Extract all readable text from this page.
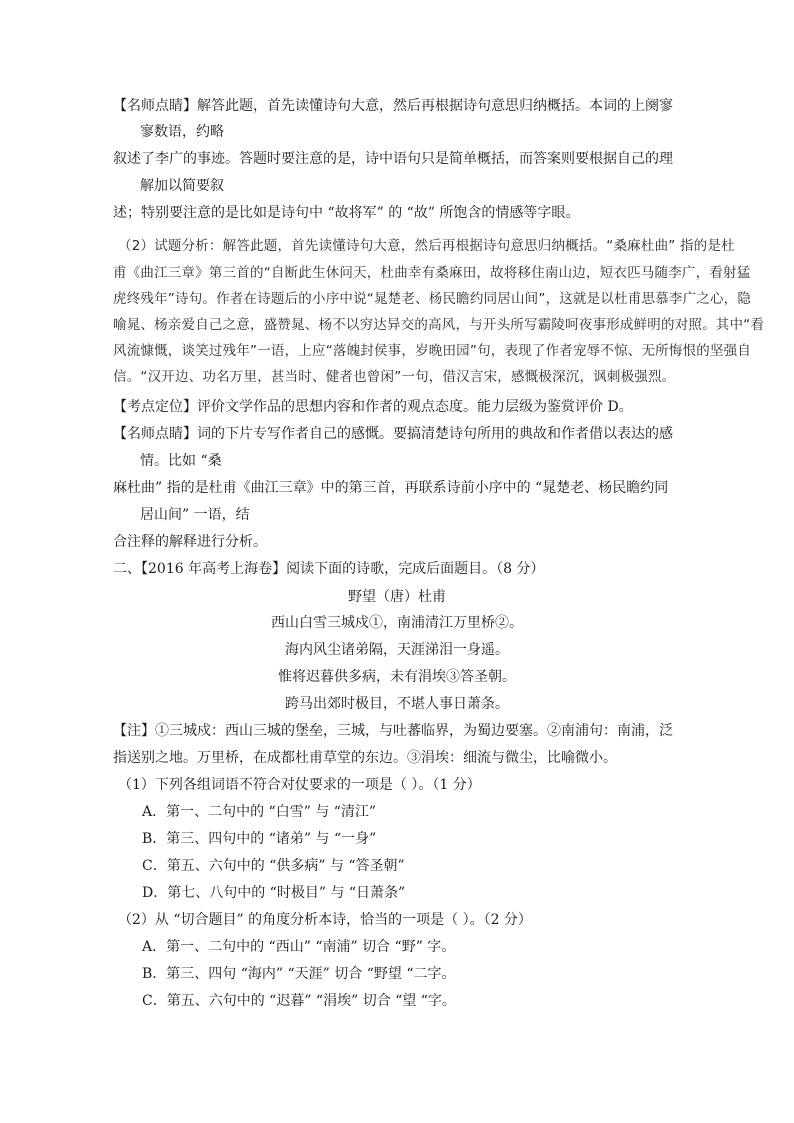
【名师点睛】解答此题，首先读懂诗句大意，然后再根据诗句意思归纳概括。本词的上阕寥
寥数语，约略
叙述了李广的事迹。答题时要注意的是，诗中语句只是简单概括，而答案则要根据自己的理
解加以简要叙
述；特别要注意的是比如是诗句中 “故将军” 的 “故” 所饱含的情感等字眼。
（2）试题分析：解答此题，首先读懂诗句大意，然后再根据诗句意思归纳概括。“桑麻杜曲” 指的是杜
甫《曲江三章》第三首的“自断此生休问天，杜曲幸有桑麻田，故将移住南山边，短衣匹马随李广，看射猛
虎终残年”诗句。作者在诗题后的小序中说“晁楚老、杨民瞻约同居山间”，这就是以杜甫思慕李广之心，隐
喻晁、杨亲爱自己之意，盛赞晁、杨不以穷达异交的高风，与开头所写霸陵呵夜事形成鲜明的对照。其中“看
风流慷慨，谈笑过残年”一语，上应“落魄封侯事，岁晚田园”句，表现了作者宠辱不惊、无所悔恨的坚强自
信。“汉开边、功名万里，甚当时、健者也曾闲”一句，借汉言宋，感慨极深沉，讽刺极强烈。
【考点定位】评价文学作品的思想内容和作者的观点态度。能力层级为鉴赏评价 D。
【名师点睛】词的下片专写作者自己的感慨。要搞清楚诗句所用的典故和作者借以表达的感
情。比如 “桑
麻杜曲” 指的是杜甫《曲江三章》中的第三首，再联系诗前小序中的 “晁楚老、杨民瞻约同
居山间” 一语，结
合注释的解释进行分析。
二、【2016 年高考上海卷】阅读下面的诗歌，完成后面题目。（8 分）
野望（唐）杜甫
西山白雪三城戍①，南浦清江万里桥②。
海内风尘诸弟隔，天涯涕泪一身遥。
惟将迟暮供多病，未有涓埃③答圣朝。
跨马出郊时极目，不堪人事日萧条。
【注】①三城戍：西山三城的堡垒，三城，与吐蕃临界，为蜀边要塞。②南浦句：南浦，泛
指送别之地。万里桥，在成都杜甫草堂的东边。③涓埃：细流与微尘，比喻微小。
（1）下列各组词语不符合对仗要求的一项是（ ）。（1 分）
A．第一、二句中的 “白雪” 与 “清江”
B．第三、四句中的 “诸弟” 与 “一身”
C．第五、六句中的 “供多病” 与 “答圣朝”
D．第七、八句中的 “时极目” 与 “日萧条”
（2）从 “切合题目” 的角度分析本诗，恰当的一项是（ ）。（2 分）
A．第一、二句中的 “西山” “南浦” 切合 “野” 字。
B．第三、四句 “海内” “天涯” 切合 “野望 “二字。
C．第五、六句中的 “迟暮” “涓埃” 切合 “望 “字。
